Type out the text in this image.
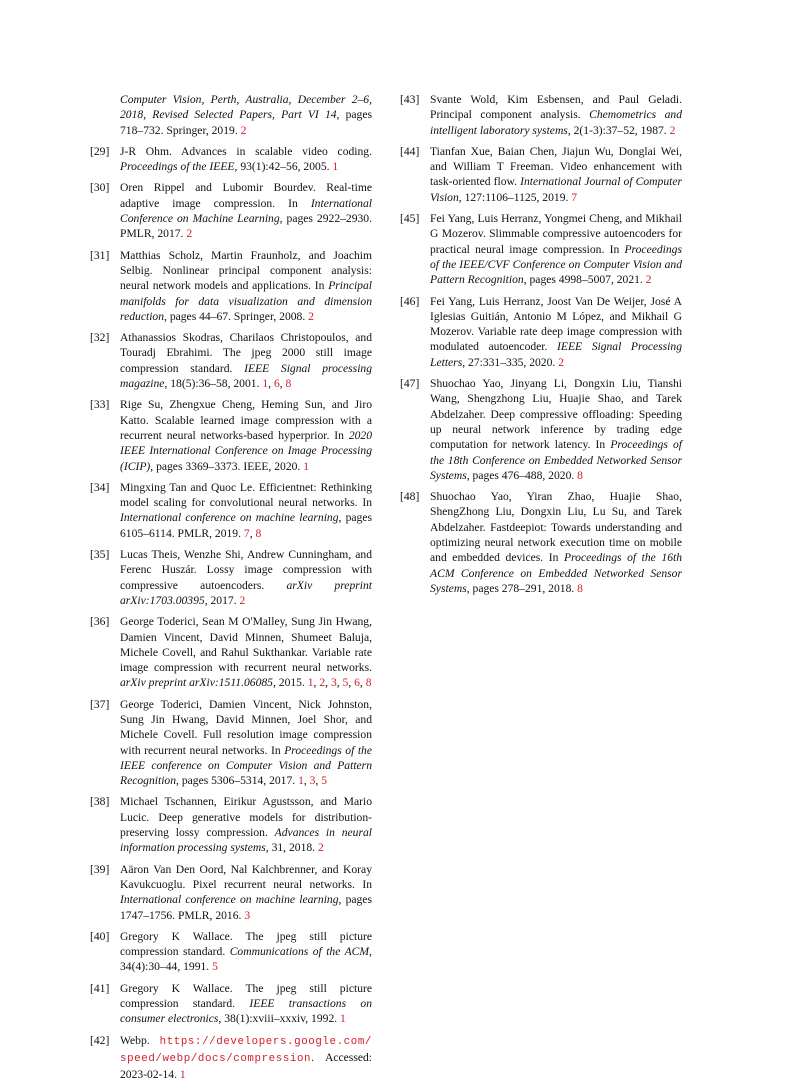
Computer Vision, Perth, Australia, December 2–6, 2018, Revised Selected Papers, Part VI 14, pages 718–732. Springer, 2019. 2
[29] J-R Ohm. Advances in scalable video coding. Proceedings of the IEEE, 93(1):42–56, 2005. 1
[30] Oren Rippel and Lubomir Bourdev. Real-time adaptive image compression. In International Conference on Machine Learning, pages 2922–2930. PMLR, 2017. 2
[31] Matthias Scholz, Martin Fraunholz, and Joachim Selbig. Nonlinear principal component analysis: neural network models and applications. In Principal manifolds for data visualization and dimension reduction, pages 44–67. Springer, 2008. 2
[32] Athanassios Skodras, Charilaos Christopoulos, and Touradj Ebrahimi. The jpeg 2000 still image compression standard. IEEE Signal processing magazine, 18(5):36–58, 2001. 1, 6, 8
[33] Rige Su, Zhengxue Cheng, Heming Sun, and Jiro Katto. Scalable learned image compression with a recurrent neural networks-based hyperprior. In 2020 IEEE International Conference on Image Processing (ICIP), pages 3369–3373. IEEE, 2020. 1
[34] Mingxing Tan and Quoc Le. Efficientnet: Rethinking model scaling for convolutional neural networks. In International conference on machine learning, pages 6105–6114. PMLR, 2019. 7, 8
[35] Lucas Theis, Wenzhe Shi, Andrew Cunningham, and Ferenc Huszár. Lossy image compression with compressive autoencoders. arXiv preprint arXiv:1703.00395, 2017. 2
[36] George Toderici, Sean M O'Malley, Sung Jin Hwang, Damien Vincent, David Minnen, Shumeet Baluja, Michele Covell, and Rahul Sukthankar. Variable rate image compression with recurrent neural networks. arXiv preprint arXiv:1511.06085, 2015. 1, 2, 3, 5, 6, 8
[37] George Toderici, Damien Vincent, Nick Johnston, Sung Jin Hwang, David Minnen, Joel Shor, and Michele Covell. Full resolution image compression with recurrent neural networks. In Proceedings of the IEEE conference on Computer Vision and Pattern Recognition, pages 5306–5314, 2017. 1, 3, 5
[38] Michael Tschannen, Eirikur Agustsson, and Mario Lucic. Deep generative models for distribution-preserving lossy compression. Advances in neural information processing systems, 31, 2018. 2
[39] Aäron Van Den Oord, Nal Kalchbrenner, and Koray Kavukcuoglu. Pixel recurrent neural networks. In International conference on machine learning, pages 1747–1756. PMLR, 2016. 3
[40] Gregory K Wallace. The jpeg still picture compression standard. Communications of the ACM, 34(4):30–44, 1991. 5
[41] Gregory K Wallace. The jpeg still picture compression standard. IEEE transactions on consumer electronics, 38(1):xviii–xxxiv, 1992. 1
[42] Webp. https://developers.google.com/speed/webp/docs/compression. Accessed: 2023-02-14. 1
[43] Svante Wold, Kim Esbensen, and Paul Geladi. Principal component analysis. Chemometrics and intelligent laboratory systems, 2(1-3):37–52, 1987. 2
[44] Tianfan Xue, Baian Chen, Jiajun Wu, Donglai Wei, and William T Freeman. Video enhancement with task-oriented flow. International Journal of Computer Vision, 127:1106–1125, 2019. 7
[45] Fei Yang, Luis Herranz, Yongmei Cheng, and Mikhail G Mozerov. Slimmable compressive autoencoders for practical neural image compression. In Proceedings of the IEEE/CVF Conference on Computer Vision and Pattern Recognition, pages 4998–5007, 2021. 2
[46] Fei Yang, Luis Herranz, Joost Van De Weijer, José A Iglesias Guitián, Antonio M López, and Mikhail G Mozerov. Variable rate deep image compression with modulated autoencoder. IEEE Signal Processing Letters, 27:331–335, 2020. 2
[47] Shuochao Yao, Jinyang Li, Dongxin Liu, Tianshi Wang, Shengzhong Liu, Huajie Shao, and Tarek Abdelzaher. Deep compressive offloading: Speeding up neural network inference by trading edge computation for network latency. In Proceedings of the 18th Conference on Embedded Networked Sensor Systems, pages 476–488, 2020. 8
[48] Shuochao Yao, Yiran Zhao, Huajie Shao, ShengZhong Liu, Dongxin Liu, Lu Su, and Tarek Abdelzaher. Fastdeepiot: Towards understanding and optimizing neural network execution time on mobile and embedded devices. In Proceedings of the 16th ACM Conference on Embedded Networked Sensor Systems, pages 278–291, 2018. 8
